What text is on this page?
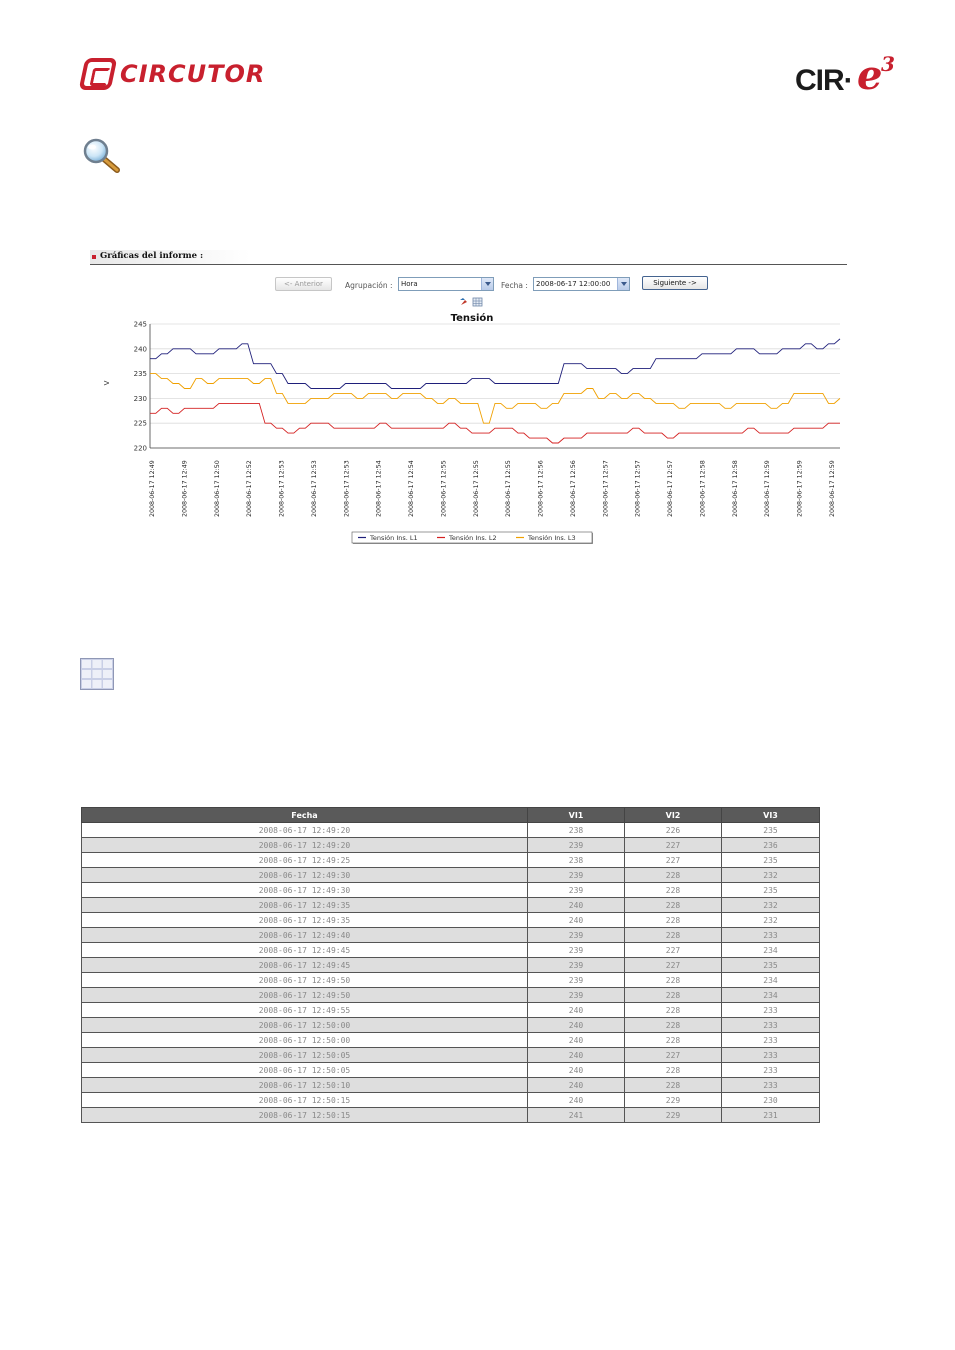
CIRCUTOR	CIR· e
3
Gráficas del informe :
<- Anterior	Agrupación :	Hora	Fecha :	2008-06-17 12:00:00	Siguiente ->
Tensión
V
220
225
230
235
240
245
2008-06-17 12:49	2008-06-17 12:49	2008-06-17 12:50	2008-06-17 12:52	2008-06-17 12:53	2008-06-17 12:53	2008-06-17 12:53	2008-06-17 12:54	2008-06-17 12:54	2008-06-17 12:55	2008-06-17 12:55	2008-06-17 12:55	2008-06-17 12:56	2008-06-17 12:56	2008-06-17 12:57	2008-06-17 12:57	2008-06-17 12:57	2008-06-17 12:58	2008-06-17 12:58	2008-06-17 12:59	2008-06-17 12:59	2008-06-17 12:59
Tensión Ins. L1	Tensión Ins. L2	Tensión Ins. L3
Fecha	VI1	VI2	VI3
2008-06-17 12:49:20	238	226	235
2008-06-17 12:49:20	239	227	236
2008-06-17 12:49:25	238	227	235
2008-06-17 12:49:30	239	228	232
2008-06-17 12:49:30	239	228	235
2008-06-17 12:49:35	240	228	232
2008-06-17 12:49:35	240	228	232
2008-06-17 12:49:40	239	228	233
2008-06-17 12:49:45	239	227	234
2008-06-17 12:49:45	239	227	235
2008-06-17 12:49:50	239	228	234
2008-06-17 12:49:50	239	228	234
2008-06-17 12:49:55	240	228	233
2008-06-17 12:50:00	240	228	233
2008-06-17 12:50:00	240	228	233
2008-06-17 12:50:05	240	227	233
2008-06-17 12:50:05	240	228	233
2008-06-17 12:50:10	240	228	233
2008-06-17 12:50:15	240	229	230
2008-06-17 12:50:15	241	229	231
